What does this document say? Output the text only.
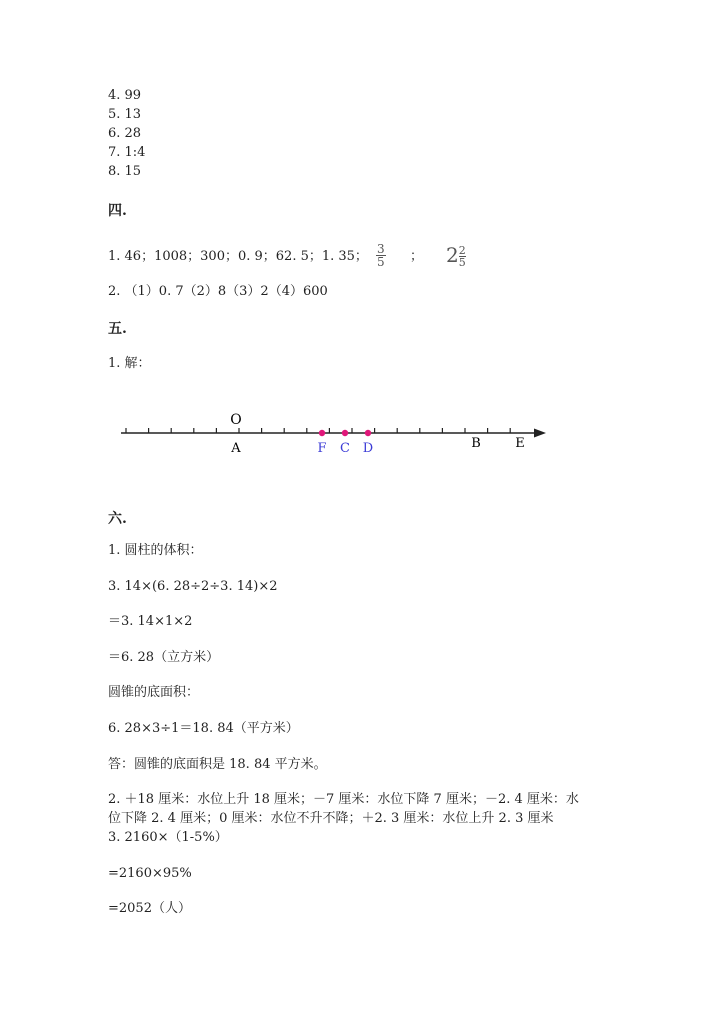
4. 99
5. 13
6. 28
7. 1:4
8. 15
四.
1. 46；1008；300；0. 9；62. 5；1. 35； $\frac{3}{5}$ ； $2 \frac{2}{5}$
2. （1）0. 7（2）8（3）2（4）600
五.
1. 解：
O
A	F C D	B	E
六.
1. 圆柱的体积：
3. 14×(6. 28÷2÷3. 14)×2
＝3. 14×1×2
＝6. 28（立方米）
圆锥的底面积：
6. 28×3÷1＝18. 84（平方米）
答：圆锥的底面积是 18. 84 平方米。
2. ＋18 厘米：水位上升 18 厘米；－7 厘米：水位下降 7 厘米；－2. 4 厘米：水
位下降 2. 4 厘米；0 厘米：水位不升不降；＋2. 3 厘米：水位上升 2. 3 厘米
3. 2160×（1-5%）
=2160×95%
=2052（人）
